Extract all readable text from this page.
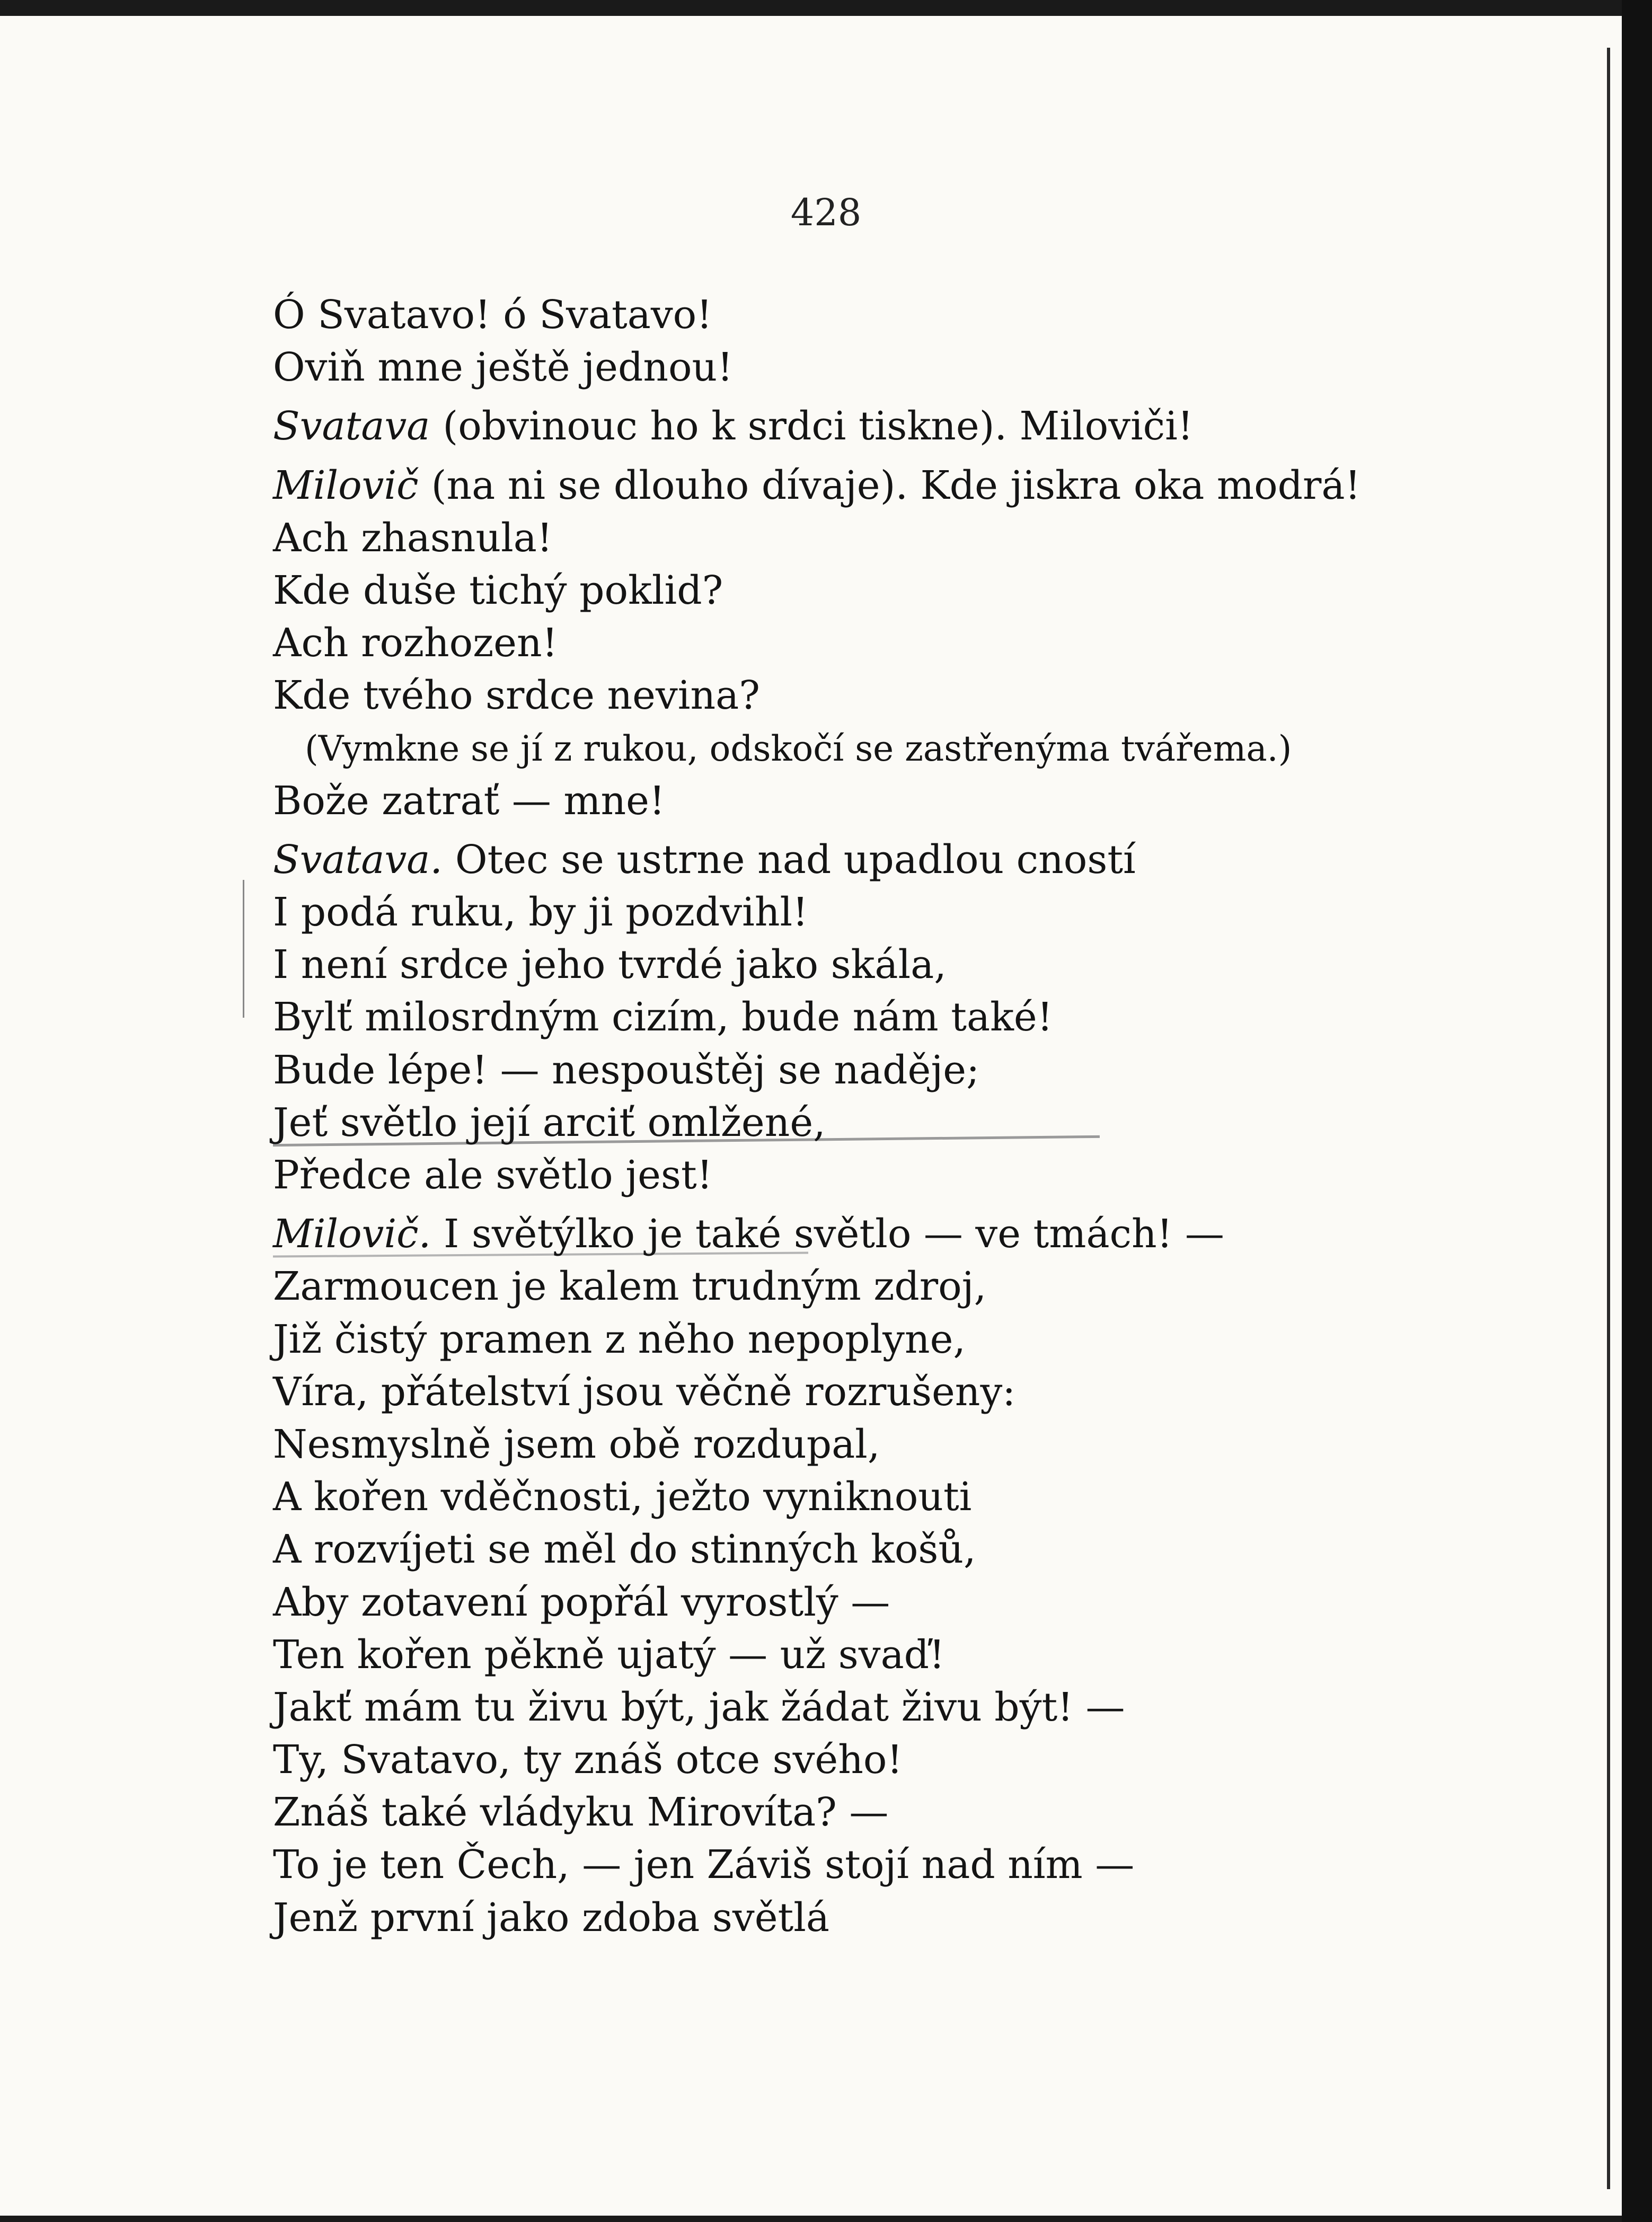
428
Ó Svatavo! ó Svatavo!
Oviň mne ještě jednou!
Svatava (obvinouc ho k srdci tiskne). Miloviči!
Milovič (na ni se dlouho dívaje). Kde jiskra oka modrá!
Ach zhasnula!
Kde duše tichý poklid?
Ach rozhozen!
Kde tvého srdce nevina?
(Vymkne se jí z rukou, odskočí se zastřenýma tvářema.)
Bože zatrať — mne!
Svatava. Otec se ustrne nad upadlou cností
I podá ruku, by ji pozdvihl!
I není srdce jeho tvrdé jako skála,
Bylť milosrdným cizím, bude nám také!
Bude lépe! — nespouštěj se naděje;
Jeť světlo její arciť omlžené,
Předce ale světlo jest!
Milovič. I světýlko je také světlo — ve tmách! —
Zarmoucen je kalem trudným zdroj,
Již čistý pramen z něho nepoplyne,
Víra, přátelství jsou věčně rozrušeny:
Nesmyslně jsem obě rozdupal,
A kořen vděčnosti, ježto vyniknouti
A rozvíjeti se měl do stinných košů,
Aby zotavení popřál vyrostlý —
Ten kořen pěkně ujatý — už svaď!
Jakť mám tu živu být, jak žádat živu být! —
Ty, Svatavo, ty znáš otce svého!
Znáš také vládyku Mirovíta? —
To je ten Čech, — jen Záviš stojí nad ním —
Jenž první jako zdoba světlá
